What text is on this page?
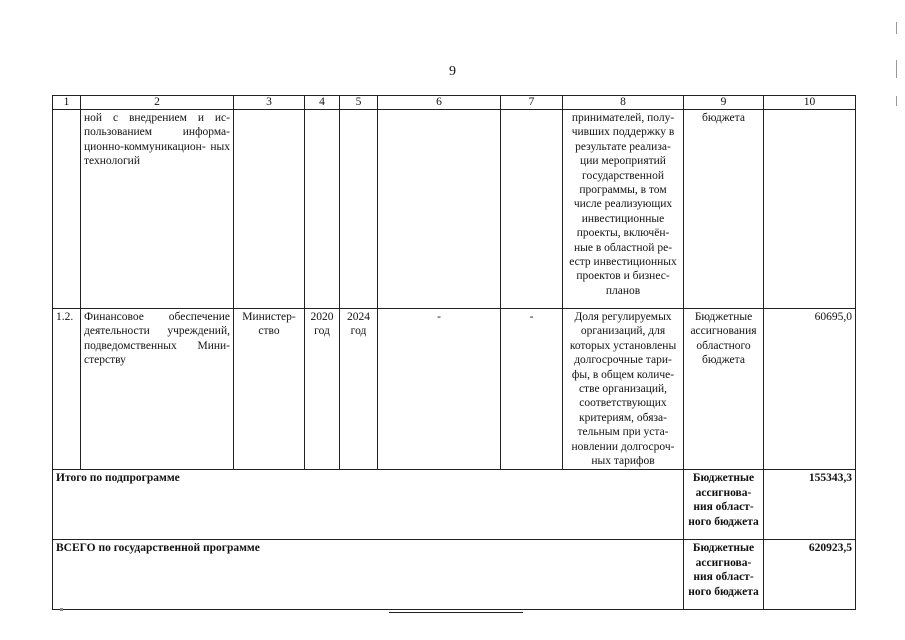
9
1	2	3	4	5	6	7	8	9	10
	ной с внедрением и ис- пользованием информа- ционно-коммуникацион- ных технологий						принимателей, полу- чивших поддержку в результате реализа- ции мероприятий государственной программы, в том числе реализующих инвестиционные проекты, включён- ные в областной ре- естр инвестиционных проектов и бизнес- планов	бюджета	
1.2.	Финансовое обеспечение деятельности учреждений, подведомственных Мини- стерству	Министер- ство	2020 год	2024 год	-	-	Доля регулируемых организаций, для которых установлены долгосрочные тари- фы, в общем количе- стве организаций, соответствующих критериям, обяза- тельным при уста- новлении долгосроч- ных тарифов	Бюджетные ассигнования областного бюджета	60695,0
Итого по подпрограмме								Бюджетные ассигнова- ния област- ного бюджета	155343,3
ВСЕГО по государственной программе								Бюджетные ассигнова- ния област- ного бюджета	620923,5
